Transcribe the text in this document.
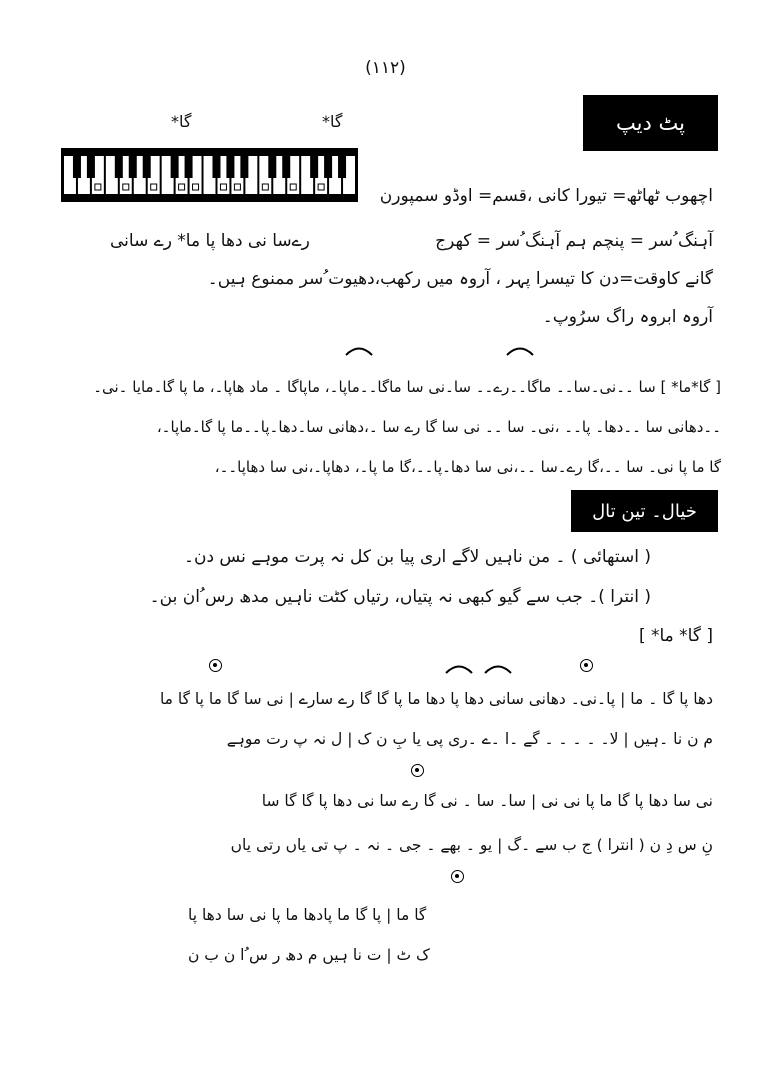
(۱۱۲)
پٹ دیپ
گا*	گا*
اچھوب ٹھاٹھ= تیورا کانی ،قسم= اوڈو سمپورن
آہنگ ُسر = پنچم ہم آہنگ ُسر = کھرج
رےسا نی دھا پا ما* رے سانی
گانے کاوقت=دن کا تیسرا پہر ، آروہ میں رکھب،دھیوت ُسر ممنوع ہیں۔
آروہ ابروہ راگ سرُوپ۔
[ گا*ما* ] سا ۔۔نی۔سا۔۔ ماگا۔۔رے۔۔ سا۔نی سا ماگا۔۔ماپا۔، ماپاگا ۔ ماد ھاپا۔، ما پا گا۔مایا ۔نی۔
۔۔دھانی سا ۔۔دھا۔ پا۔۔ ،نی۔ سا ۔۔ نی سا گا رے سا ۔،دھانی سا۔دھا۔پا۔۔ما پا گا۔ماپا۔،
گا ما پا نی۔ سا ۔۔،گا رے۔سا ۔۔،نی سا دھا۔پا۔۔،گا ما پا۔، دھاپا۔،نی سا دھاپا۔۔،
خیال۔ تین تال
( استھائی ) ۔ من ناہیں لاگے اری پیا بن کل نہ پرت موہے نس دن۔
( انترا )۔ جب سے گیو کبھی نہ پتیاں، رتیاں کٹت ناہیں مدھ رس ُان بن۔
[ گا* ما* ]
دھا پا گا ۔ ما | پا۔نی۔ دھانی سانی دھا پا دھا ما پا گا گا رے سارے | نی سا گا ما پا گا ما
م ن نا ۔ہیں | لا۔ ۔ ۔ ۔ ۔ گے ۔ا ۔ے ۔ری پی یا بِ ن ک | ل نہ پ رت موہے
نی سا دھا پا گا ما پا نی نی | سا۔ سا ۔ نی گا رے سا نی دھا پا گا گا سا
نِ س دِ ن ( انترا ) ج ب سے ۔گ | یو ۔ بھے ۔ جی ۔ نہ ۔ پ تی یاں رتی یاں
گا ما | پا گا ما پادھا ما پا نی سا دھا پا
ک ٹ | ت نا ہیں م دھ ر س ُا ن ب ن
